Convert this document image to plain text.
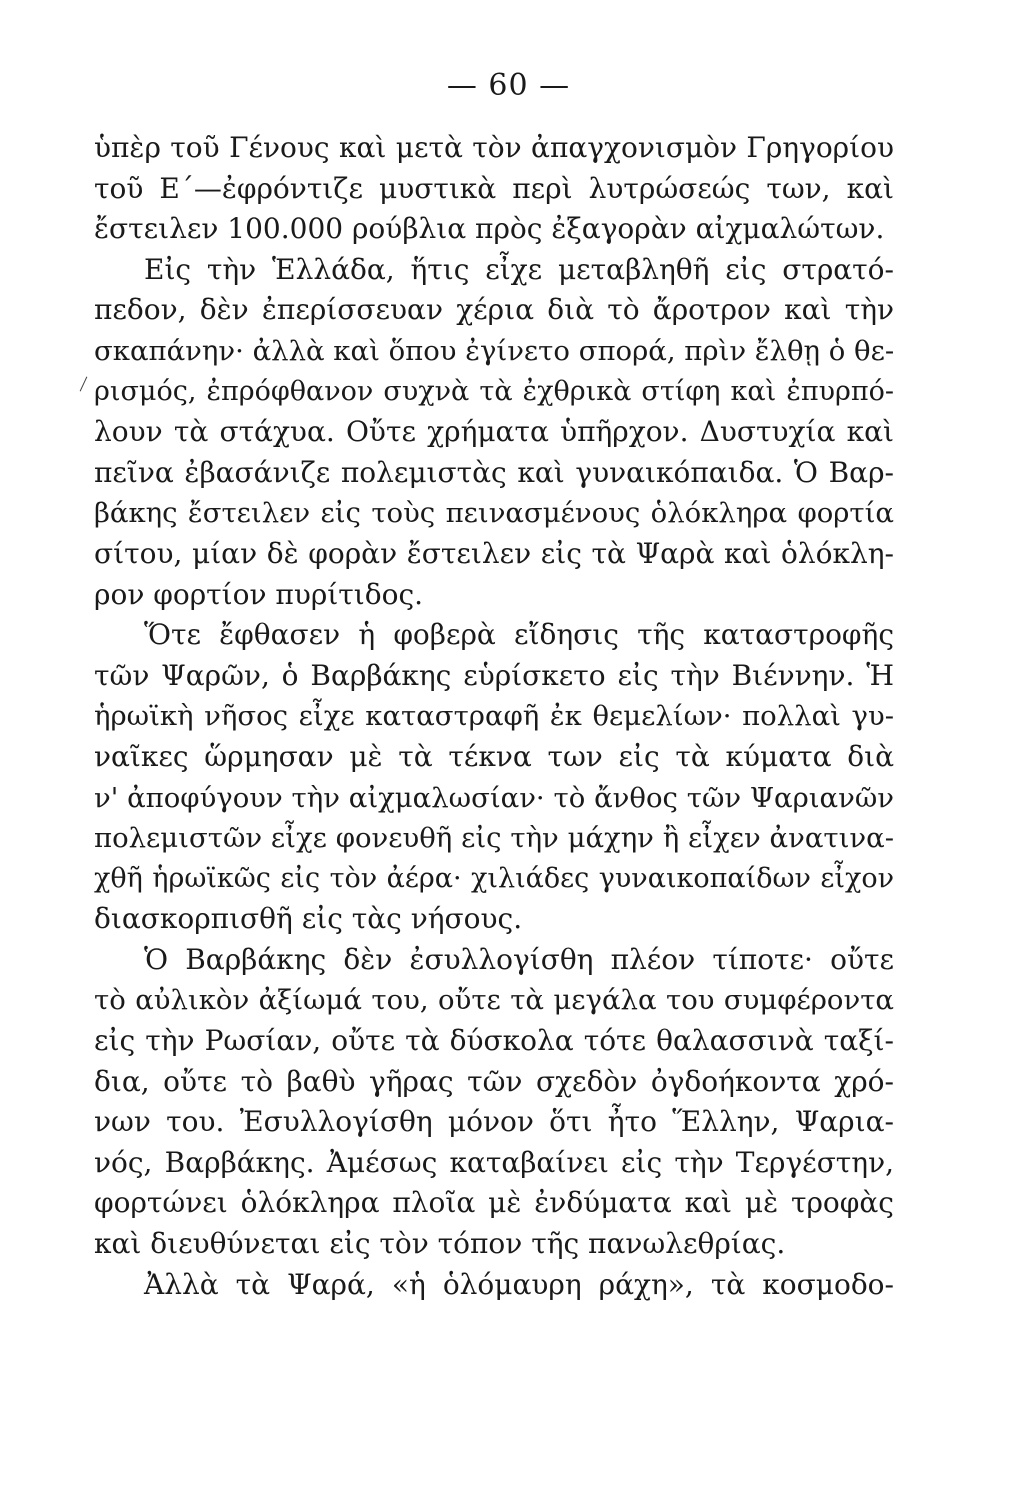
— 60 —
ὑπὲρ τοῦ Γένους καὶ μετὰ τὸν ἀπαγχονισμὸν Γρηγορίου
τοῦ Ε΄—ἐφρόντιζε μυστικὰ περὶ λυτρώσεώς των, καὶ
ἔστειλεν 100.000 ρούβλια πρὸς ἐξαγορὰν αἰχμαλώτων.
Εἰς τὴν Ἑλλάδα, ἥτις εἶχε μεταβληθῆ εἰς στρατό-
πεδον, δὲν ἐπερίσσευαν χέρια διὰ τὸ ἄροτρον καὶ τὴν
σκαπάνην· ἀλλὰ καὶ ὅπου ἐγίνετο σπορά, πρὶν ἔλθῃ ὁ θε-
ρισμός, ἐπρόφθανον συχνὰ τὰ ἐχθρικὰ στίφη καὶ ἐπυρπό-
λουν τὰ στάχυα. Οὔτε χρήματα ὑπῆρχον. Δυστυχία καὶ
πεῖνα ἐβασάνιζε πολεμιστὰς καὶ γυναικόπαιδα. Ὁ Βαρ-
βάκης ἔστειλεν εἰς τοὺς πεινασμένους ὁλόκληρα φορτία
σίτου, μίαν δὲ φορὰν ἔστειλεν εἰς τὰ Ψαρὰ καὶ ὁλόκλη-
ρον φορτίον πυρίτιδος.
Ὅτε ἔφθασεν ἡ φοβερὰ εἴδησις τῆς καταστροφῆς
τῶν Ψαρῶν, ὁ Βαρβάκης εὑρίσκετο εἰς τὴν Βιέννην. Ἡ
ἡρωϊκὴ νῆσος εἶχε καταστραφῆ ἐκ θεμελίων· πολλαὶ γυ-
ναῖκες ὥρμησαν μὲ τὰ τέκνα των εἰς τὰ κύματα διὰ
ν' ἀποφύγουν τὴν αἰχμαλωσίαν· τὸ ἄνθος τῶν Ψαριανῶν
πολεμιστῶν εἶχε φονευθῆ εἰς τὴν μάχην ἢ εἶχεν ἀνατινα-
χθῆ ἡρωϊκῶς εἰς τὸν ἀέρα· χιλιάδες γυναικοπαίδων εἶχον
διασκορπισθῆ εἰς τὰς νήσους.
Ὁ Βαρβάκης δὲν ἐσυλλογίσθη πλέον τίποτε· οὔτε
τὸ αὐλικὸν ἀξίωμά του, οὔτε τὰ μεγάλα του συμφέροντα
εἰς τὴν Ρωσίαν, οὔτε τὰ δύσκολα τότε θαλασσινὰ ταξί-
δια, οὔτε τὸ βαθὺ γῆρας τῶν σχεδὸν ὀγδοήκοντα χρό-
νων του. Ἐσυλλογίσθη μόνον ὅτι ἦτο Ἕλλην, Ψαρια-
νός, Βαρβάκης. Ἀμέσως καταβαίνει εἰς τὴν Τεργέστην,
φορτώνει ὁλόκληρα πλοῖα μὲ ἐνδύματα καὶ μὲ τροφὰς
καὶ διευθύνεται εἰς τὸν τόπον τῆς πανωλεθρίας.
Ἀλλὰ τὰ Ψαρά, «ἡ ὁλόμαυρη ράχη», τὰ κοσμοδο-
